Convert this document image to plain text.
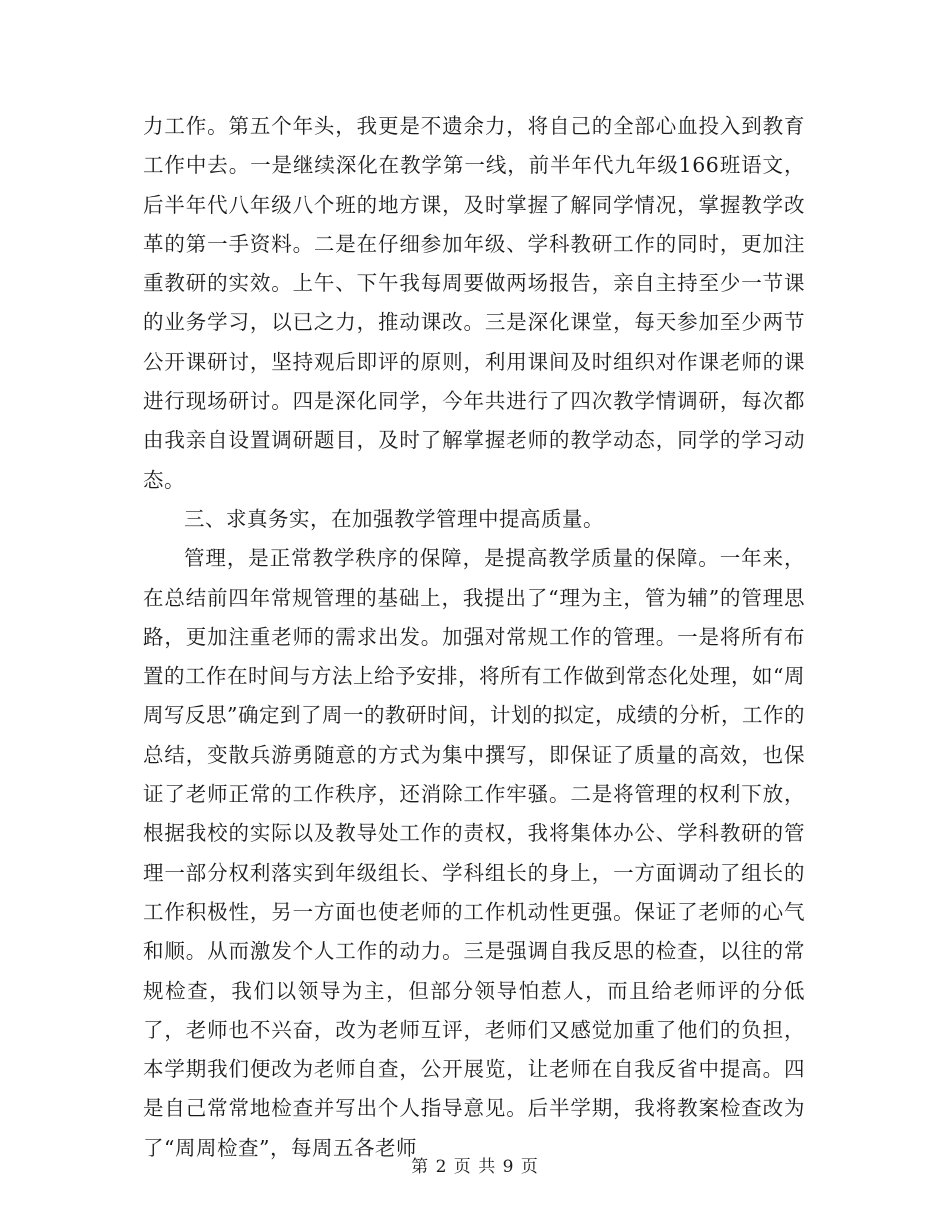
力工作。第五个年头，我更是不遗余力，将自己的全部心血投入到教育工作中去。一是继续深化在教学第一线，前半年代九年级166班语文，后半年代八年级八个班的地方课，及时掌握了解同学情况，掌握教学改革的第一手资料。二是在仔细参加年级、学科教研工作的同时，更加注重教研的实效。上午、下午我每周要做两场报告，亲自主持至少一节课的业务学习，以已之力，推动课改。三是深化课堂，每天参加至少两节公开课研讨，坚持观后即评的原则，利用课间及时组织对作课老师的课进行现场研讨。四是深化同学，今年共进行了四次教学情调研，每次都由我亲自设置调研题目，及时了解掌握老师的教学动态，同学的学习动态。

三、求真务实，在加强教学管理中提高质量。

管理，是正常教学秩序的保障，是提高教学质量的保障。一年来，在总结前四年常规管理的基础上，我提出了“理为主，管为辅”的管理思路，更加注重老师的需求出发。加强对常规工作的管理。一是将所有布置的工作在时间与方法上给予安排，将所有工作做到常态化处理，如“周周写反思”确定到了周一的教研时间，计划的拟定，成绩的分析，工作的总结，变散兵游勇随意的方式为集中撰写，即保证了质量的高效，也保证了老师正常的工作秩序，还消除工作牢骚。二是将管理的权利下放，根据我校的实际以及教导处工作的责权，我将集体办公、学科教研的管理一部分权利落实到年级组长、学科组长的身上，一方面调动了组长的工作积极性，另一方面也使老师的工作机动性更强。保证了老师的心气和顺。从而激发个人工作的动力。三是强调自我反思的检查，以往的常规检查，我们以领导为主，但部分领导怕惹人，而且给老师评的分低了，老师也不兴奋，改为老师互评，老师们又感觉加重了他们的负担，本学期我们便改为老师自查，公开展览，让老师在自我反省中提高。四是自己常常地检查并写出个人指导意见。后半学期，我将教案检查改为了“周周检查”，每周五各老师

第 2 页 共 9 页
